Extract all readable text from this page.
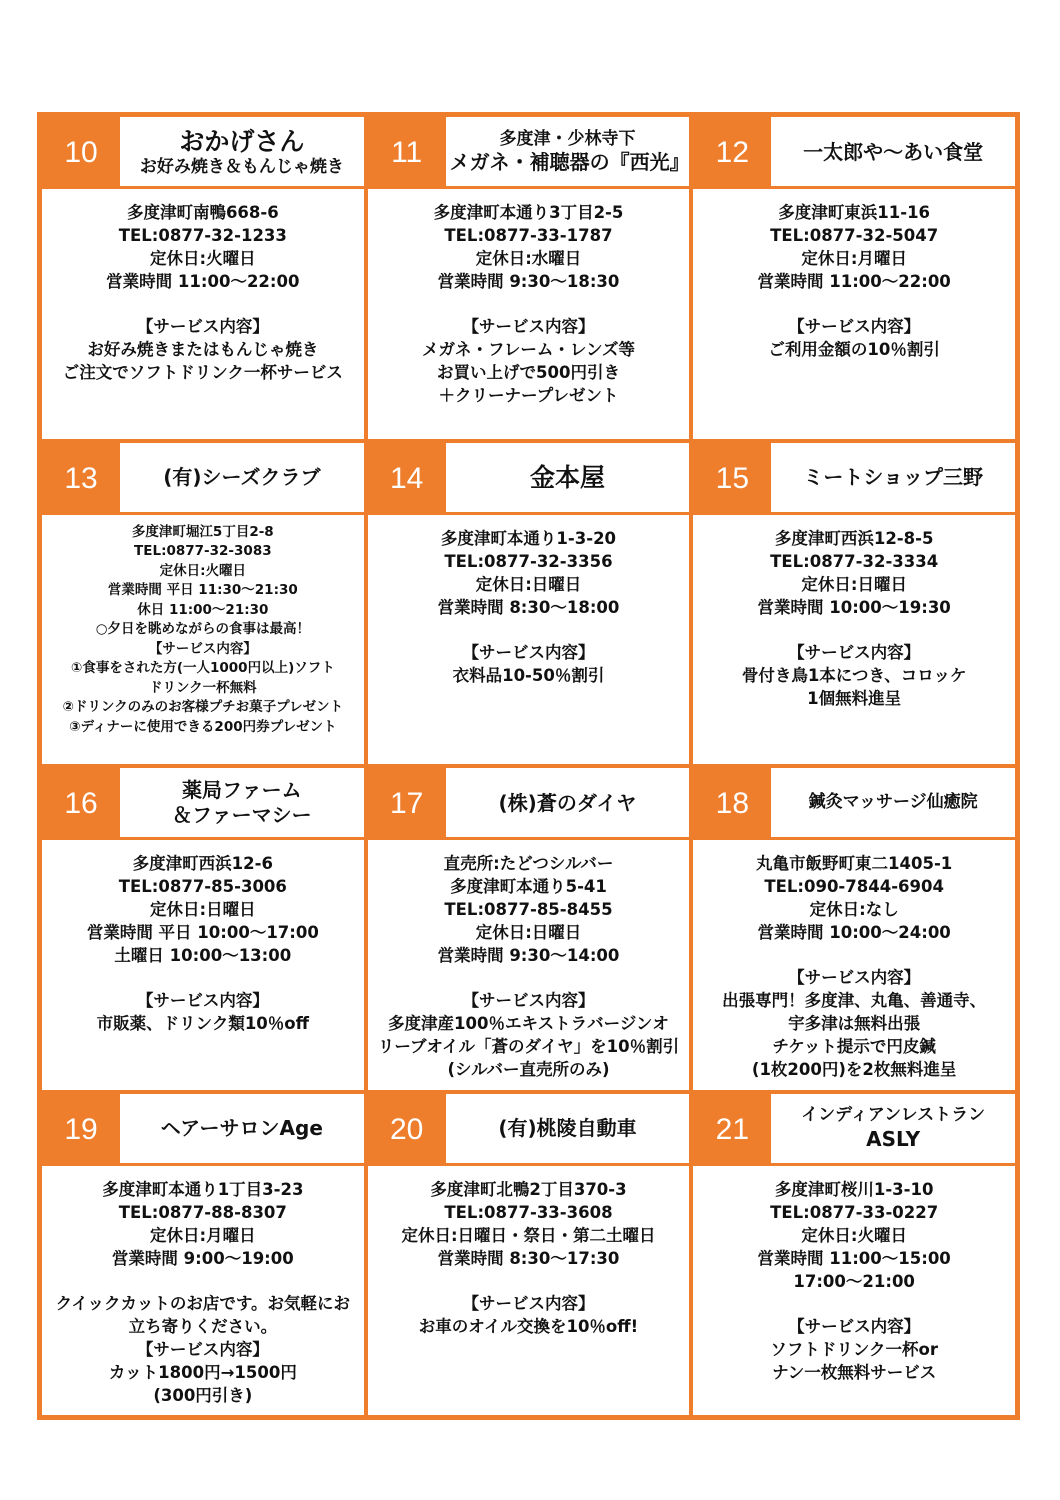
10	おかげさん
お好み焼き＆もんじゃ焼き
多度津町南鴨668-6
TEL:0877-32-1233
定休日:火曜日
営業時間 11:00～22:00
【サービス内容】
お好み焼きまたはもんじゃ焼き
ご注文でソフトドリンク一杯サービス
11	多度津・少林寺下
メガネ・補聴器の『西光』
多度津町本通り3丁目2-5
TEL:0877-33-1787
定休日:水曜日
営業時間 9:30～18:30
【サービス内容】
メガネ・フレーム・レンズ等
お買い上げで500円引き
＋クリーナープレゼント
12	一太郎や～あい食堂
多度津町東浜11-16
TEL:0877-32-5047
定休日:月曜日
営業時間 11:00～22:00
【サービス内容】
ご利用金額の10％割引
13	(有)シーズクラブ
多度津町堀江5丁目2-8
TEL:0877-32-3083
定休日:火曜日
営業時間 平日 11:30～21:30
休日 11:00～21:30
○夕日を眺めながらの食事は最高！
【サービス内容】
①食事をされた方(一人1000円以上)ソフト
ドリンク一杯無料
②ドリンクのみのお客様プチお菓子プレゼント
③ディナーに使用できる200円券プレゼント
14	金本屋
多度津町本通り1-3-20
TEL:0877-32-3356
定休日:日曜日
営業時間 8:30～18:00
【サービス内容】
衣料品10-50％割引
15	ミートショップ三野
多度津町西浜12-8-5
TEL:0877-32-3334
定休日:日曜日
営業時間 10:00～19:30
【サービス内容】
骨付き鳥1本につき、コロッケ
1個無料進呈
16	薬局ファーム
＆ファーマシー
多度津町西浜12-6
TEL:0877-85-3006
定休日:日曜日
営業時間 平日 10:00～17:00
土曜日 10:00～13:00
【サービス内容】
市販薬、ドリンク類10％off
17	(株)蒼のダイヤ
直売所:たどつシルバー
多度津町本通り5-41
TEL:0877-85-8455
定休日:日曜日
営業時間 9:30～14:00
【サービス内容】
多度津産100％エキストラバージンオ
リーブオイル「蒼のダイヤ」を10％割引
(シルバー直売所のみ)
18	鍼灸マッサージ仙癒院
丸亀市飯野町東二1405-1
TEL:090-7844-6904
定休日:なし
営業時間 10:00～24:00
【サービス内容】
出張専門！多度津、丸亀、善通寺、
宇多津は無料出張
チケット提示で円皮鍼
(1枚200円)を2枚無料進呈
19	ヘアーサロンAge
多度津町本通り1丁目3-23
TEL:0877-88-8307
定休日:月曜日
営業時間 9:00～19:00
クイックカットのお店です。お気軽にお
立ち寄りください。
【サービス内容】
カット1800円→1500円
(300円引き)
20	(有)桃陵自動車
多度津町北鴨2丁目370-3
TEL:0877-33-3608
定休日:日曜日・祭日・第二土曜日
営業時間 8:30～17:30
【サービス内容】
お車のオイル交換を10％off!
21	インディアンレストラン
ASLY
多度津町桜川1-3-10
TEL:0877-33-0227
定休日:火曜日
営業時間 11:00～15:00
17:00～21:00
【サービス内容】
ソフトドリンク一杯or
ナン一枚無料サービス
